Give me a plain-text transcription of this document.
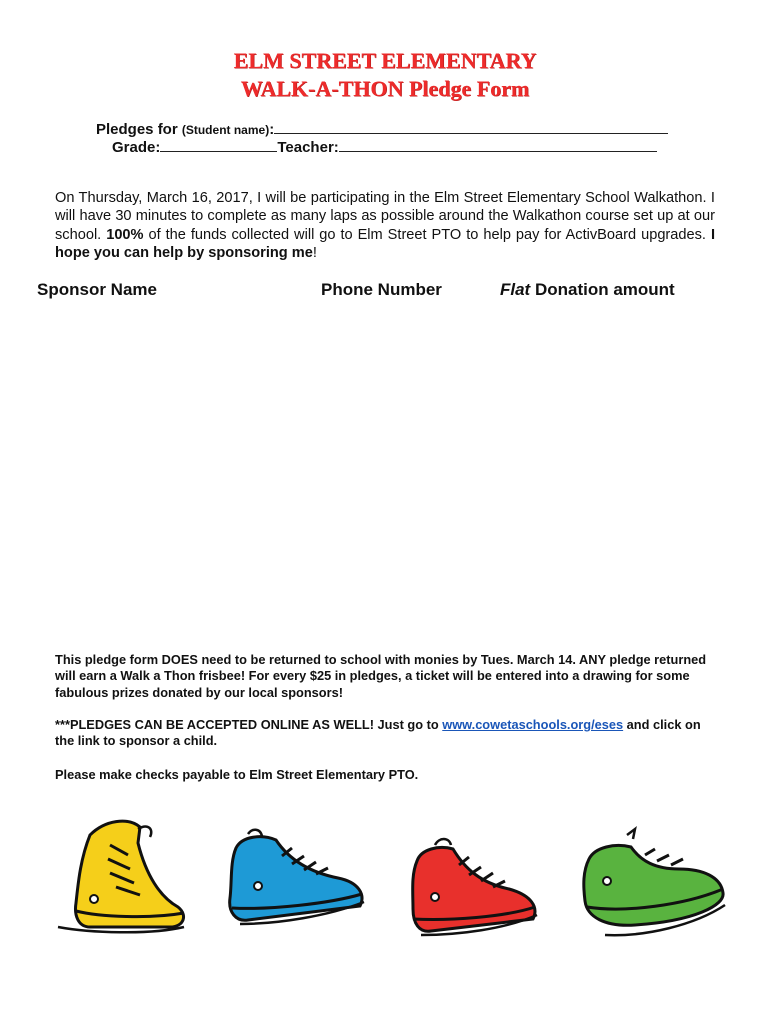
ELM STREET ELEMENTARY
WALK-A-THON Pledge Form
Pledges for (Student name):
Grade:	Teacher:
On Thursday, March 16, 2017, I will be participating in the Elm Street Elementary School Walkathon. I will have 30 minutes to complete as many laps as possible around the Walkathon course set up at our school. 100% of the funds collected will go to Elm Street PTO to help pay for ActivBoard upgrades. I hope you can help by sponsoring me!
Sponsor Name	Phone Number	Flat Donation amount
This pledge form DOES need to be returned to school with monies by Tues. March 14. ANY pledge returned will earn a Walk a Thon frisbee! For every $25 in pledges, a ticket will be entered into a drawing for some fabulous prizes donated by our local sponsors!
***PLEDGES CAN BE ACCEPTED ONLINE AS WELL! Just go to www.cowetaschools.org/eses and click on the link to sponsor a child.
Please make checks payable to Elm Street Elementary PTO.
